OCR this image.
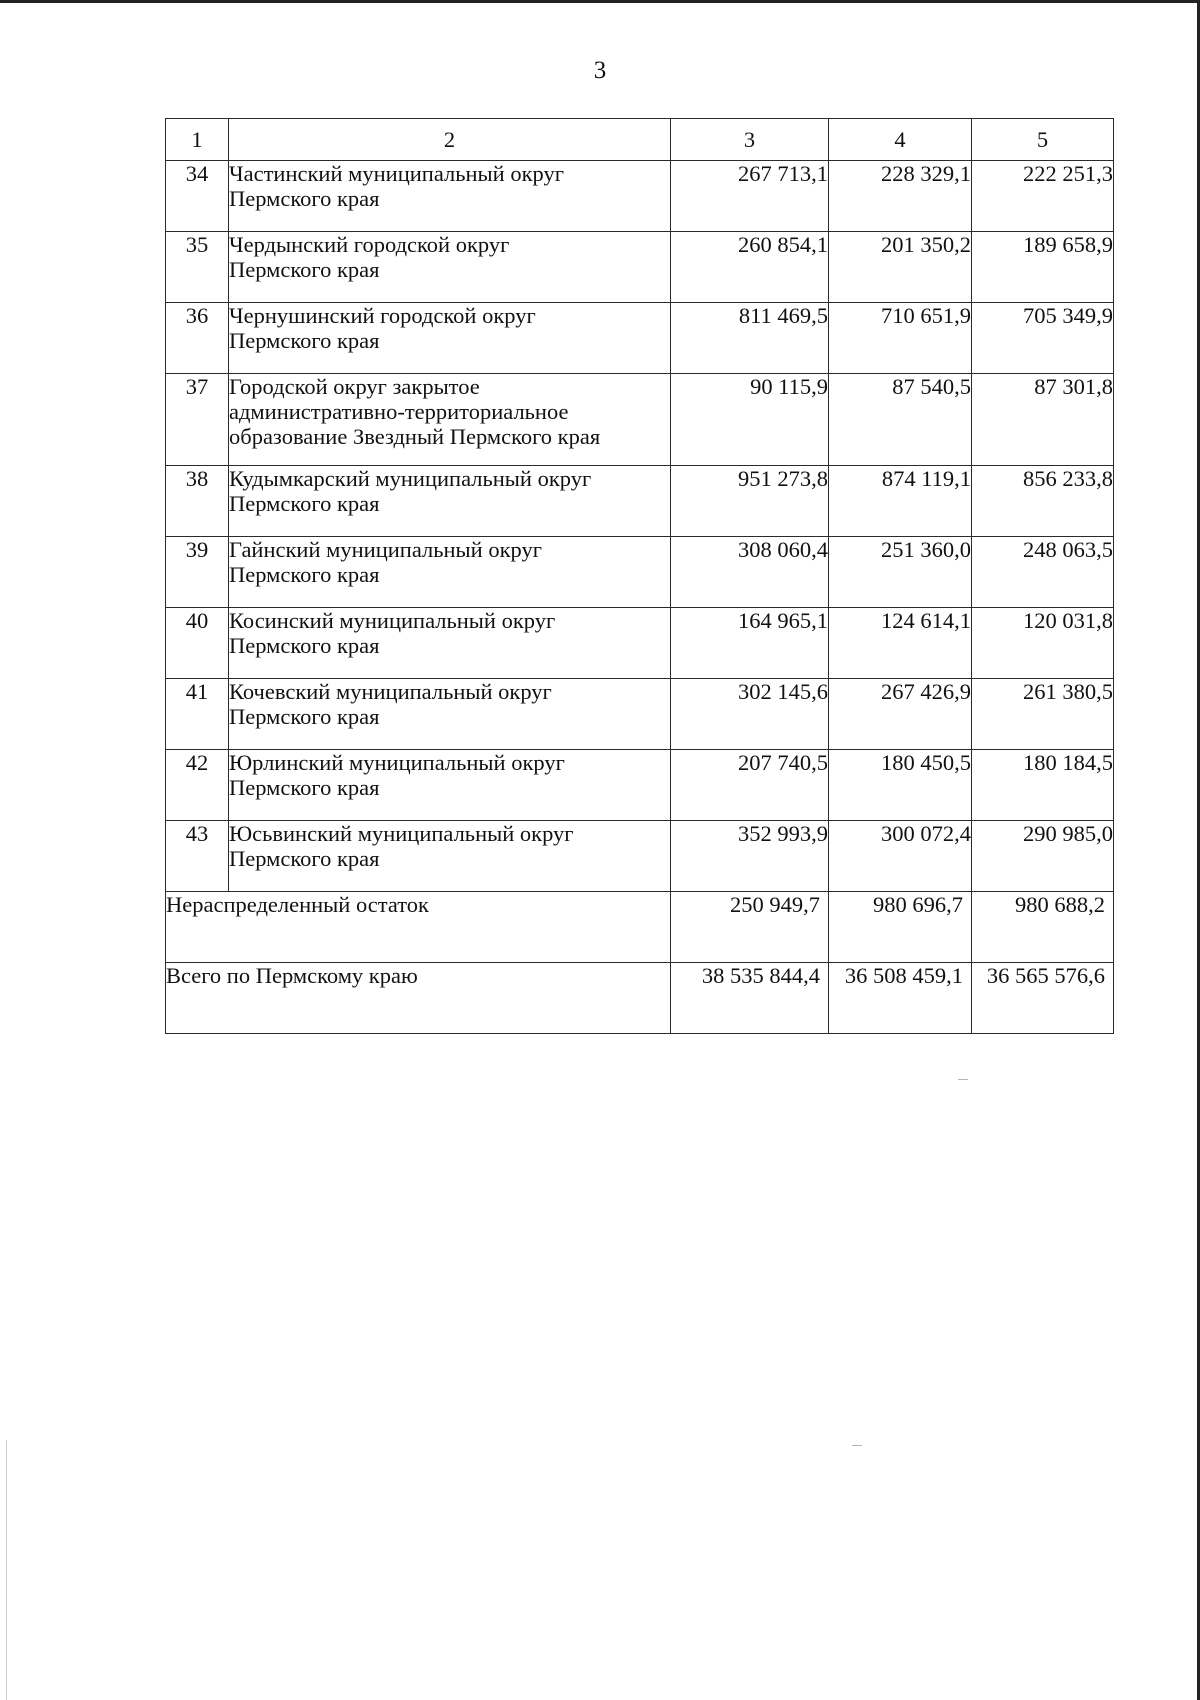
3
1	2	3	4	5
34	Частинский муниципальный округ
Пермского края	267 713,1	228 329,1	222 251,3
35	Чердынский городской округ
Пермского края	260 854,1	201 350,2	189 658,9
36	Чернушинский городской округ
Пермского края	811 469,5	710 651,9	705 349,9
37	Городской округ закрытое
административно-территориальное
образование Звездный Пермского края	90 115,9	87 540,5	87 301,8
38	Кудымкарский муниципальный округ
Пермского края	951 273,8	874 119,1	856 233,8
39	Гайнский муниципальный округ
Пермского края	308 060,4	251 360,0	248 063,5
40	Косинский муниципальный округ
Пермского края	164 965,1	124 614,1	120 031,8
41	Кочевский муниципальный округ
Пермского края	302 145,6	267 426,9	261 380,5
42	Юрлинский муниципальный округ
Пермского края	207 740,5	180 450,5	180 184,5
43	Юсьвинский муниципальный округ
Пермского края	352 993,9	300 072,4	290 985,0
Нераспределенный остаток		250 949,7	980 696,7	980 688,2
Всего по Пермскому краю		38 535 844,4	36 508 459,1	36 565 576,6
